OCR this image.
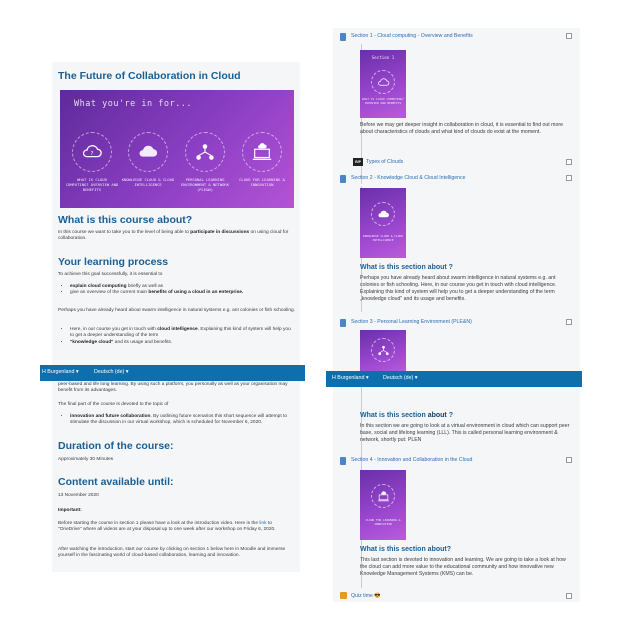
The Future of Collaboration in Cloud
What you're in for...
?
WHAT IS CLOUD COMPUTING? OVERVIEW AND BENEFITS
KNOWLEDGE CLOUD & CLOUD INTELLIGENCE
PERSONAL LEARNING ENVIRONMENT & NETWORK (PLE&N)
CLOUD FOR LEARNING & INNOVATION
What is this course about?
In this course we want to take you to the level of being able to participate in discussions on using cloud for collaboration.
Your learning process
To achieve this goal successfully, it is essential to
• explain cloud computing briefly as well as
• give an overview of the current main benefits of using a cloud in an enterprise.
Perhaps you have already heard about swarm intelligence in natural systems e.g. ant colonies or fish schooling.
• Here, in our course you get in touch with cloud intelligence. Explaining this kind of system will help you to get a deeper understanding of the term
• "knowledge cloud" and its usage and benefits.
peer-based and life long learning. By using such a platform, you personally as well as your organisation may benefit from its advantages.
The final part of the course is devoted to the topic of
• innovation and future collaboration. By outlining future scenarios this short sequence will attempt to stimulate the discussion in our virtual workshop, which is scheduled for November 6, 2020.
Duration of the course:
Approximately 30 Minutes
Content available until:
13 November 2020
Important:
Before starting the course in section 1 please have a look at the introduction video. Here is the link to "OneDrive" where all videos are at your disposal up to one week after our workshop on Friday 6, 2020.
After watching the introduction, start our course by clicking on section 1 below here in Moodle and immerse yourself in the fascinating world of cloud-based collaboration, learning and innovation.
Section 1 - Cloud computing - Overview and Benefits
Section 1
WHAT IS CLOUD COMPUTING? OVERVIEW AND BENEFITS
Before we may get deeper insight in collaboration in cloud, it is essential to find out more about characteristics of clouds and what kind of clouds do exist at the moment.
R/P Types of Clouds
Section 2 - Knowledge Cloud & Cloud Intelligence
KNOWLEDGE CLOUD & CLOUD INTELLIGENCE
What is this section about ?
Perhaps you have already heard about swarm intelligence in natural systems e.g. ant colonies or fish schooling. Here, in our course you get in touch with cloud intelligence. Explaining this kind of system will help you to get a deeper understanding of the term „knowledge cloud" and its usage and benefits.
Section 3 - Personal Learning Environment (PLE&N)
What is this section about ?
In this section we are going to look at a virtual environment in cloud which can support peer base, social and lifelong learning (LLL). This is called personal learning environment & network, shortly put: PLEN
Section 4 - Innovation and Collaboration in the Cloud
CLOUD FOR LEARNING & INNOVATION
What is this section about?
This last section is devoted to innovation and learning. We are going to take a look at how the cloud can add more value to the educational community and how innovative new Knowledge Management Systems (KMS) can be.
Quiz time 😎
H Burgenland ▾	Deutsch (de) ▾
H Burgenland ▾	Deutsch (de) ▾
